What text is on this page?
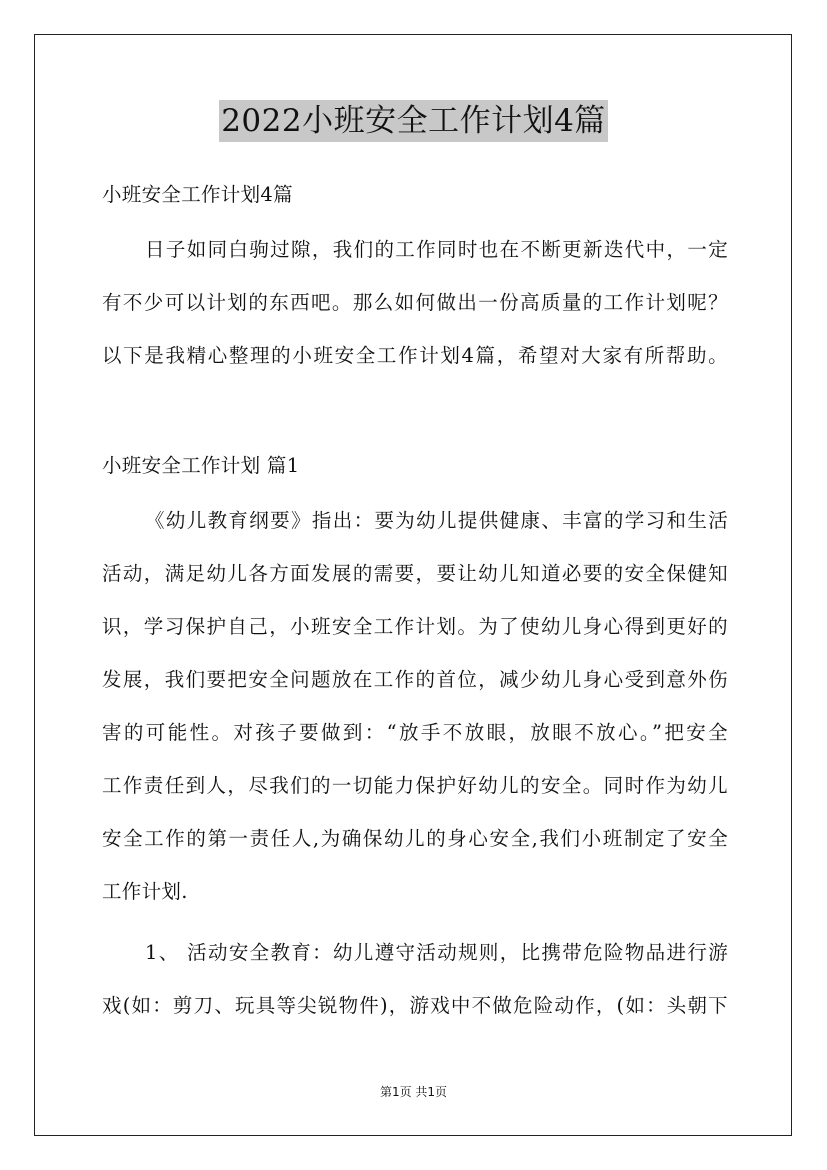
2022小班安全工作计划4篇
小班安全工作计划4篇
日子如同白驹过隙，我们的工作同时也在不断更新迭代中，一定
有不少可以计划的东西吧。那么如何做出一份高质量的工作计划呢？
以下是我精心整理的小班安全工作计划4篇，希望对大家有所帮助。
小班安全工作计划 篇1
《幼儿教育纲要》指出：要为幼儿提供健康、丰富的学习和生活
活动，满足幼儿各方面发展的需要，要让幼儿知道必要的安全保健知
识，学习保护自己，小班安全工作计划。为了使幼儿身心得到更好的
发展，我们要把安全问题放在工作的首位，减少幼儿身心受到意外伤
害的可能性。对孩子要做到：“放手不放眼，放眼不放心。”把安全
工作责任到人，尽我们的一切能力保护好幼儿的安全。同时作为幼儿
安全工作的第一责任人,为确保幼儿的身心安全,我们小班制定了安全
工作计划.
1、 活动安全教育：幼儿遵守活动规则，比携带危险物品进行游
戏(如：剪刀、玩具等尖锐物件)，游戏中不做危险动作，(如：头朝下
第1页 共1页
